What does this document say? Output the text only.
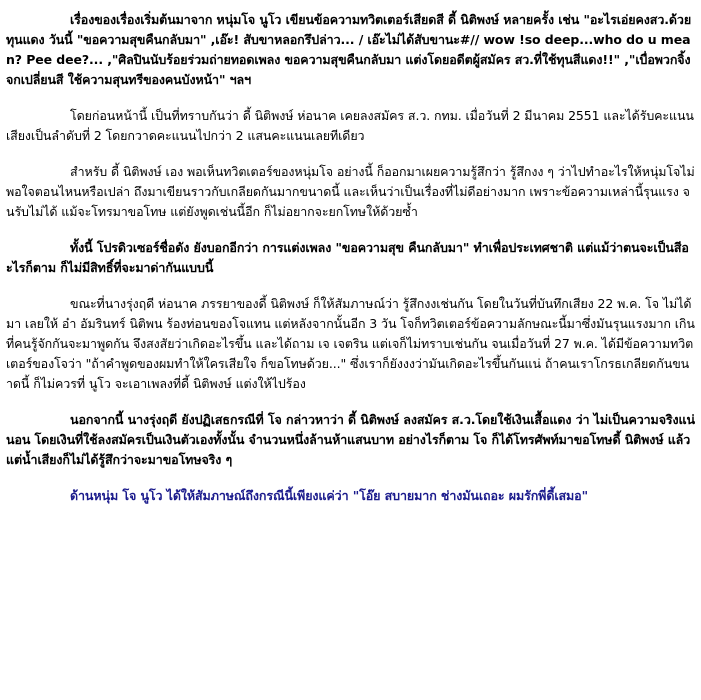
เรื่องของเรื่องเริ่มต้นมาจาก หนุ่มโจ นูโว เขียนข้อความทวิตเตอร์เสียดสี ดี้ นิติพงษ์ หลายครั้ง เช่น "อะไรเอ่ยคงสว.ด้วยทุนแดง วันนี้ "ขอความสุขคืนกลับมา" ,เอ๊ะ! สับขาหลอกรึปล่าว... / เอ๊ะไม่ได้สับขานะ#// wow !so deep...who do u mean? Pee dee?... ,"ศิลปินนับร้อยร่วมถ่ายทอดเพลง ขอความสุขคืนกลับมา แต่งโดยอดีตผู้สมัคร สว.ที่ใช้ทุนสีแดง!!" ,"เบื่อพวกจิ้งจกเปลี่ยนสี ใช้ความสุนทรีของคนบังหน้า" ฯลฯ

โดยก่อนหน้านี้ เป็นที่ทราบกันว่า ดี้ นิติพงษ์ ห่อนาค เคยลงสมัคร ส.ว. กทม. เมื่อวันที่ 2 มีนาคม 2551 และได้รับคะแนนเสียงเป็นลำดับที่ 2 โดยกวาดคะแนนไปกว่า 2 แสนคะแนนเลยทีเดียว

สำหรับ ดี้ นิติพงษ์ เอง พอเห็นทวิตเตอร์ของหนุ่มโจ อย่างนี้ ก็ออกมาเผยความรู้สึกว่า รู้สึกงง ๆ ว่าไปทำอะไรให้หนุ่มโจไม่พอใจตอนไหนหรือเปล่า ถึงมาเขียนราวกับเกลียดกันมากขนาดนี้ และเห็นว่าเป็นเรื่องที่ไม่ดีอย่างมาก เพราะข้อความเหล่านี้รุนแรง จนรับไม่ได้ แม้จะโทรมาขอโทษ แต่ยังพูดเช่นนี้อีก ก็ไม่อยากจะยกโทษให้ด้วยซ้ำ

ทั้งนี้ โปรดิวเซอร์ชื่อดัง ยังบอกอีกว่า การแต่งเพลง "ขอความสุข คืนกลับมา" ทำเพื่อประเทศชาติ แต่แม้ว่าตนจะเป็นสีอะไรก็ตาม ก็ไม่มีสิทธิ์ที่จะมาด่ากันแบบนี้

ขณะที่นางรุ่งฤดี ห่อนาค ภรรยาของดี้ นิติพงษ์ ก็ให้สัมภาษณ์ว่า รู้สึกงงเช่นกัน โดยในวันที่บันทึกเสียง 22 พ.ค. โจ ไม่ได้มา เลยให้ อ๋า อัมรินทร์ นิติพน ร้องท่อนของโจแทน แต่หลังจากนั้นอีก 3 วัน โจก็ทวิตเตอร์ข้อความลักษณะนี้มาซึ่งมันรุนแรงมาก เกินที่คนรู้จักกันจะมาพูดกัน จึงสงสัยว่าเกิดอะไรขึ้น และได้ถาม เจ เจตริน แต่เจก็ไม่ทราบเช่นกัน จนเมื่อวันที่ 27 พ.ค. ได้มีข้อความทวิตเตอร์ของโจว่า "ถ้าคำพูดของผมทำให้ใครเสียใจ ก็ขอโทษด้วย..." ซึ่งเราก็ยังงงว่ามันเกิดอะไรขึ้นกันแน่ ถ้าคนเราโกรธเกลียดกันขนาดนี้ ก็ไม่ควรที่ นูโว จะเอาเพลงที่ดี้ นิติพงษ์ แต่งให้ไปร้อง

นอกจากนี้ นางรุ่งฤดี ยังปฏิเสธกรณีที่ โจ กล่าวหาว่า ดี้ นิติพงษ์ ลงสมัคร ส.ว.โดยใช้เงินเสื้อแดง ว่า ไม่เป็นความจริงแน่นอน โดยเงินที่ใช้ลงสมัครเป็นเงินตัวเองทั้งนั้น จำนวนหนึ่งล้านห้าแสนบาท อย่างไรก็ตาม โจ ก็ได้โทรศัพท์มาขอโทษดี้ นิติพงษ์ แล้ว แต่น้ำเสียงก็ไม่ได้รู้สึกว่าจะมาขอโทษจริง ๆ

ด้านหนุ่ม โจ นูโว ได้ให้สัมภาษณ์ถึงกรณีนี้เพียงแค่ว่า "โอ๊ย สบายมาก ช่างมันเถอะ ผมรักพี่ดี้เสมอ"
